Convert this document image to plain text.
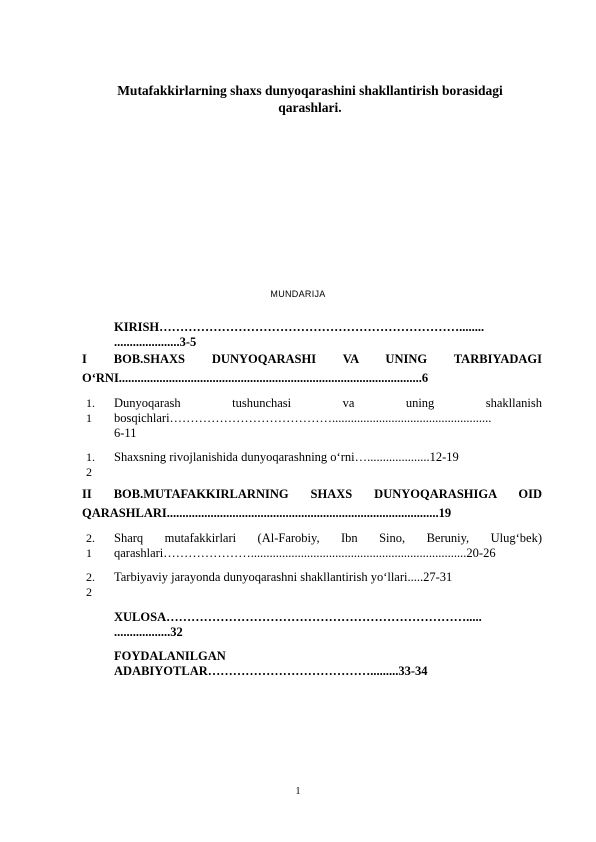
Mutafakkirlarning shaxs dunyoqarashini shakllantirish borasidagi
qarashlari.
MUNDARIJA
KIRISH………………………………………………………………........
.....................3-5
I BOB.SHAXS DUNYOQARASHI VA UNING TARBIYADAGI
O‘RNI.................................................................................................6
1.
1
Dunyoqarash tushunchasi va uning shakllanish
bosqichlari…………………………………...................................................
6-11
1.
2
Shaxsning rivojlanishida dunyoqarashning o‘rni…....................12-19
II BOB.MUTAFAKKIRLARNING SHAXS DUNYOQARASHIGA OID
QARASHLARI.......................................................................................19
2.
1
Sharq mutafakkirlari (Al-Farobiy, Ibn Sino, Beruniy, Ulug‘bek)
qarashlari………………….....................................................................20-26
2.
2
Tarbiyaviy jarayonda dunyoqarashni shakllantirish yo‘llari.....27-31
XULOSA……………………………………………………………….....
..................32
FOYDALANILGAN
ADABIYOTLAR………………………………….........33-34
1
